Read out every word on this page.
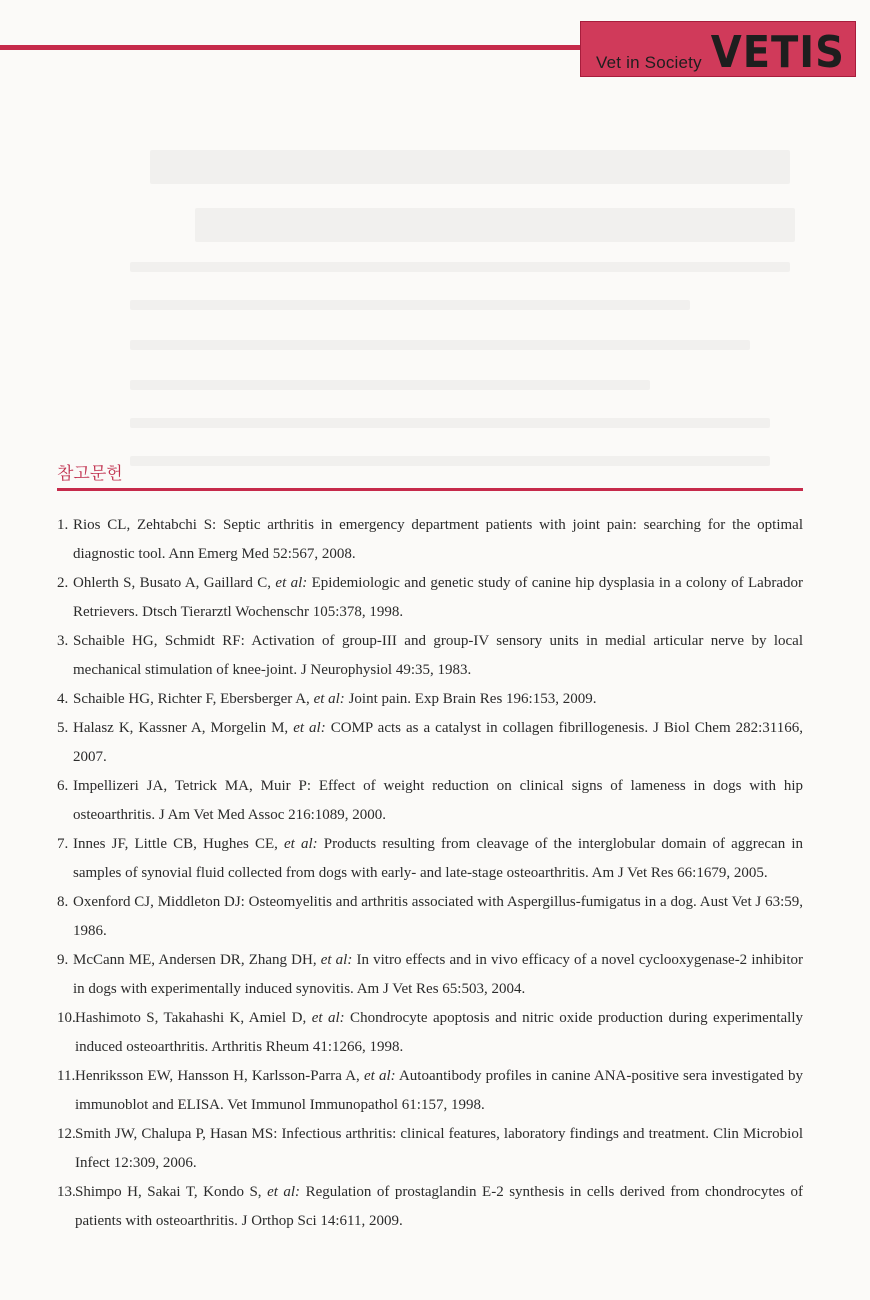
Vet in Society VETIS
참고문헌
1. Rios CL, Zehtabchi S: Septic arthritis in emergency department patients with joint pain: searching for the optimal diagnostic tool. Ann Emerg Med 52:567, 2008.
2. Ohlerth S, Busato A, Gaillard C, et al: Epidemiologic and genetic study of canine hip dysplasia in a colony of Labrador Retrievers. Dtsch Tierarztl Wochenschr 105:378, 1998.
3. Schaible HG, Schmidt RF: Activation of group-III and group-IV sensory units in medial articular nerve by local mechanical stimulation of knee-joint. J Neurophysiol 49:35, 1983.
4. Schaible HG, Richter F, Ebersberger A, et al: Joint pain. Exp Brain Res 196:153, 2009.
5. Halasz K, Kassner A, Morgelin M, et al: COMP acts as a catalyst in collagen fibrillogenesis. J Biol Chem 282:31166, 2007.
6. Impellizeri JA, Tetrick MA, Muir P: Effect of weight reduction on clinical signs of lameness in dogs with hip osteoarthritis. J Am Vet Med Assoc 216:1089, 2000.
7. Innes JF, Little CB, Hughes CE, et al: Products resulting from cleavage of the interglobular domain of aggrecan in samples of synovial fluid collected from dogs with early- and late-stage osteoarthritis. Am J Vet Res 66:1679, 2005.
8. Oxenford CJ, Middleton DJ: Osteomyelitis and arthritis associated with Aspergillus-fumigatus in a dog. Aust Vet J 63:59, 1986.
9. McCann ME, Andersen DR, Zhang DH, et al: In vitro effects and in vivo efficacy of a novel cyclooxygenase-2 inhibitor in dogs with experimentally induced synovitis. Am J Vet Res 65:503, 2004.
10. Hashimoto S, Takahashi K, Amiel D, et al: Chondrocyte apoptosis and nitric oxide production during experimentally induced osteoarthritis. Arthritis Rheum 41:1266, 1998.
11. Henriksson EW, Hansson H, Karlsson-Parra A, et al: Autoantibody profiles in canine ANA-positive sera investigated by immunoblot and ELISA. Vet Immunol Immunopathol 61:157, 1998.
12. Smith JW, Chalupa P, Hasan MS: Infectious arthritis: clinical features, laboratory findings and treatment. Clin Microbiol Infect 12:309, 2006.
13. Shimpo H, Sakai T, Kondo S, et al: Regulation of prostaglandin E-2 synthesis in cells derived from chondrocytes of patients with osteoarthritis. J Orthop Sci 14:611, 2009.
